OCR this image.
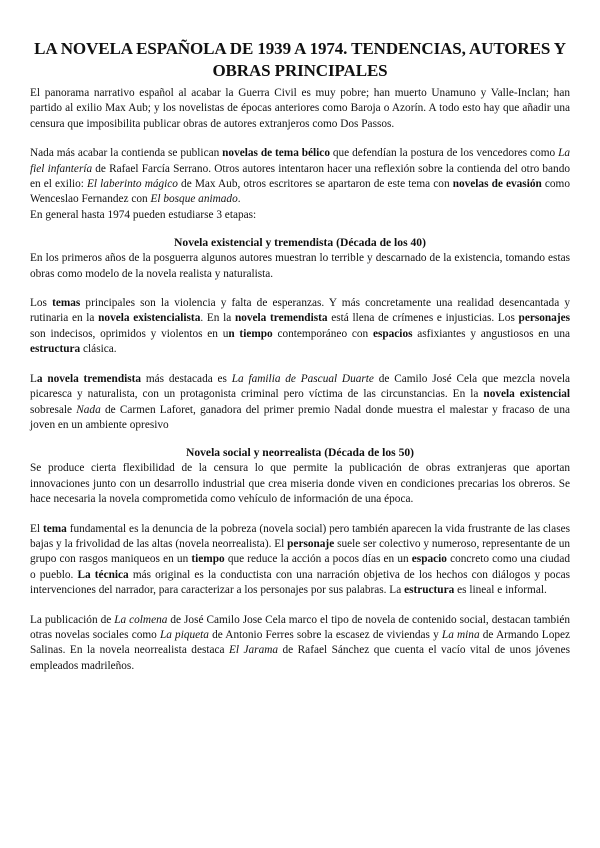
LA NOVELA ESPAÑOLA DE 1939 A 1974. TENDENCIAS, AUTORES Y OBRAS PRINCIPALES

El panorama narrativo español al acabar la Guerra Civil es muy pobre; han muerto Unamuno y Valle-Inclan; han partido al exilio Max Aub; y los novelistas de épocas anteriores como Baroja o Azorín. A todo esto hay que añadir una censura que imposibilita publicar obras de autores extranjeros como Dos Passos.

Nada más acabar la contienda se publican novelas de tema bélico que defendían la postura de los vencedores como La fiel infantería de Rafael Farcía Serrano. Otros autores intentaron hacer una reflexión sobre la contienda del otro bando en el exilio: El laberinto mágico de Max Aub, otros escritores se apartaron de este tema con novelas de evasión como Wenceslao Fernandez con El bosque animado.

En general hasta 1974 pueden estudiarse 3 etapas:

Novela existencial y tremendista (Década de los 40)

En los primeros años de la posguerra algunos autores muestran lo terrible y descarnado de la existencia, tomando estas obras como modelo de la novela realista y naturalista.

Los temas principales son la violencia y falta de esperanzas. Y más concretamente una realidad desencantada y rutinaria en la novela existencialista. En la novela tremendista está llena de crímenes e injusticias. Los personajes son indecisos, oprimidos y violentos en un tiempo contemporáneo con espacios asfixiantes y angustiosos en una estructura clásica.

La novela tremendista más destacada es La familia de Pascual Duarte de Camilo José Cela que mezcla novela picaresca y naturalista, con un protagonista criminal pero víctima de las circunstancias. En la novela existencial sobresale Nada de Carmen Laforet, ganadora del primer premio Nadal donde muestra el malestar y fracaso de una joven en un ambiente opresivo

Novela social y neorrealista (Década de los 50)

Se produce cierta flexibilidad de la censura lo que permite la publicación de obras extranjeras que aportan innovaciones junto con un desarrollo industrial que crea miseria donde viven en condiciones precarias los obreros. Se hace necesaria la novela comprometida como vehículo de información de una época.

El tema fundamental es la denuncia de la pobreza (novela social) pero también aparecen la vida frustrante de las clases bajas y la frivolidad de las altas (novela neorrealista). El personaje suele ser colectivo y numeroso, representante de un grupo con rasgos maniqueos en un tiempo que reduce la acción a pocos días en un espacio concreto como una ciudad o pueblo. La técnica más original es la conductista con una narración objetiva de los hechos con diálogos y pocas intervenciones del narrador, para caracterizar a los personajes por sus palabras. La estructura es lineal e informal.

La publicación de La colmena de José Camilo Jose Cela marco el tipo de novela de contenido social, destacan también otras novelas sociales como La piqueta de Antonio Ferres sobre la escasez de viviendas y La mina de Armando Lopez Salinas. En la novela neorrealista destaca El Jarama de Rafael Sánchez que cuenta el vacío vital de unos jóvenes empleados madrileños.
